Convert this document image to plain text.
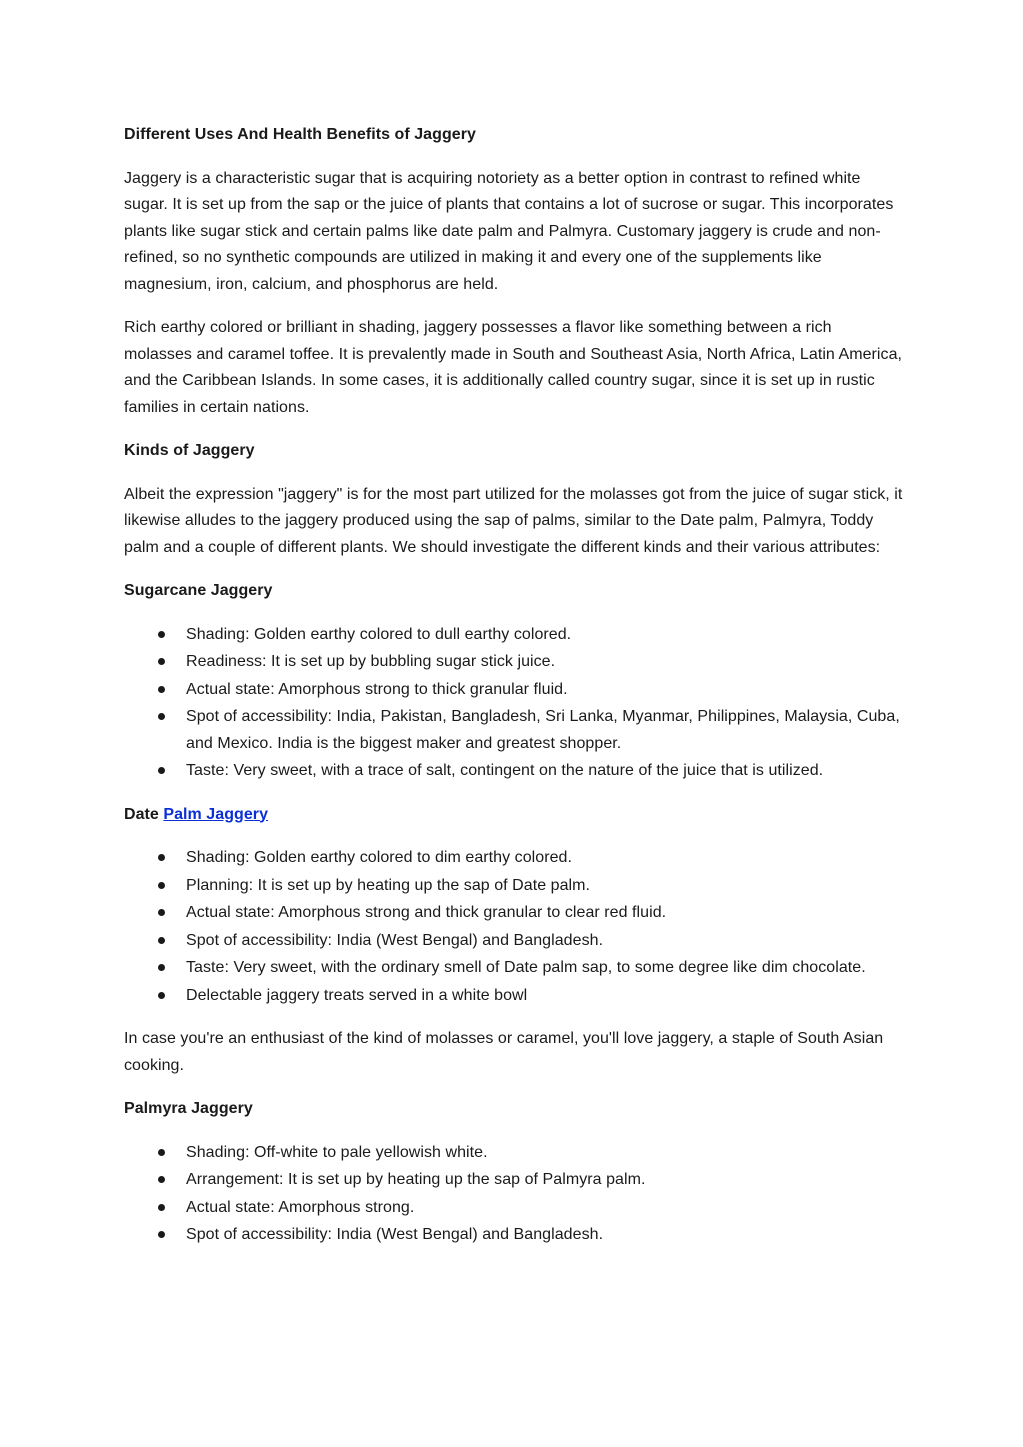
Different Uses And Health Benefits of Jaggery

Jaggery is a characteristic sugar that is acquiring notoriety as a better option in contrast to refined white sugar. It is set up from the sap or the juice of plants that contains a lot of sucrose or sugar. This incorporates plants like sugar stick and certain palms like date palm and Palmyra. Customary jaggery is crude and non-refined, so no synthetic compounds are utilized in making it and every one of the supplements like magnesium, iron, calcium, and phosphorus are held.

Rich earthy colored or brilliant in shading, jaggery possesses a flavor like something between a rich molasses and caramel toffee. It is prevalently made in South and Southeast Asia, North Africa, Latin America, and the Caribbean Islands. In some cases, it is additionally called country sugar, since it is set up in rustic families in certain nations.

Kinds of Jaggery

Albeit the expression "jaggery" is for the most part utilized for the molasses got from the juice of sugar stick, it likewise alludes to the jaggery produced using the sap of palms, similar to the Date palm, Palmyra, Toddy palm and a couple of different plants. We should investigate the different kinds and their various attributes:

Sugarcane Jaggery
Shading: Golden earthy colored to dull earthy colored.
Readiness: It is set up by bubbling sugar stick juice.
Actual state: Amorphous strong to thick granular fluid.
Spot of accessibility: India, Pakistan, Bangladesh, Sri Lanka, Myanmar, Philippines, Malaysia, Cuba, and Mexico. India is the biggest maker and greatest shopper.
Taste: Very sweet, with a trace of salt, contingent on the nature of the juice that is utilized.
Date Palm Jaggery
Shading: Golden earthy colored to dim earthy colored.
Planning: It is set up by heating up the sap of Date palm.
Actual state: Amorphous strong and thick granular to clear red fluid.
Spot of accessibility: India (West Bengal) and Bangladesh.
Taste: Very sweet, with the ordinary smell of Date palm sap, to some degree like dim chocolate.
Delectable jaggery treats served in a white bowl

In case you're an enthusiast of the kind of molasses or caramel, you'll love jaggery, a staple of South Asian cooking.

Palmyra Jaggery
Shading: Off-white to pale yellowish white.
Arrangement: It is set up by heating up the sap of Palmyra palm.
Actual state: Amorphous strong.
Spot of accessibility: India (West Bengal) and Bangladesh.
